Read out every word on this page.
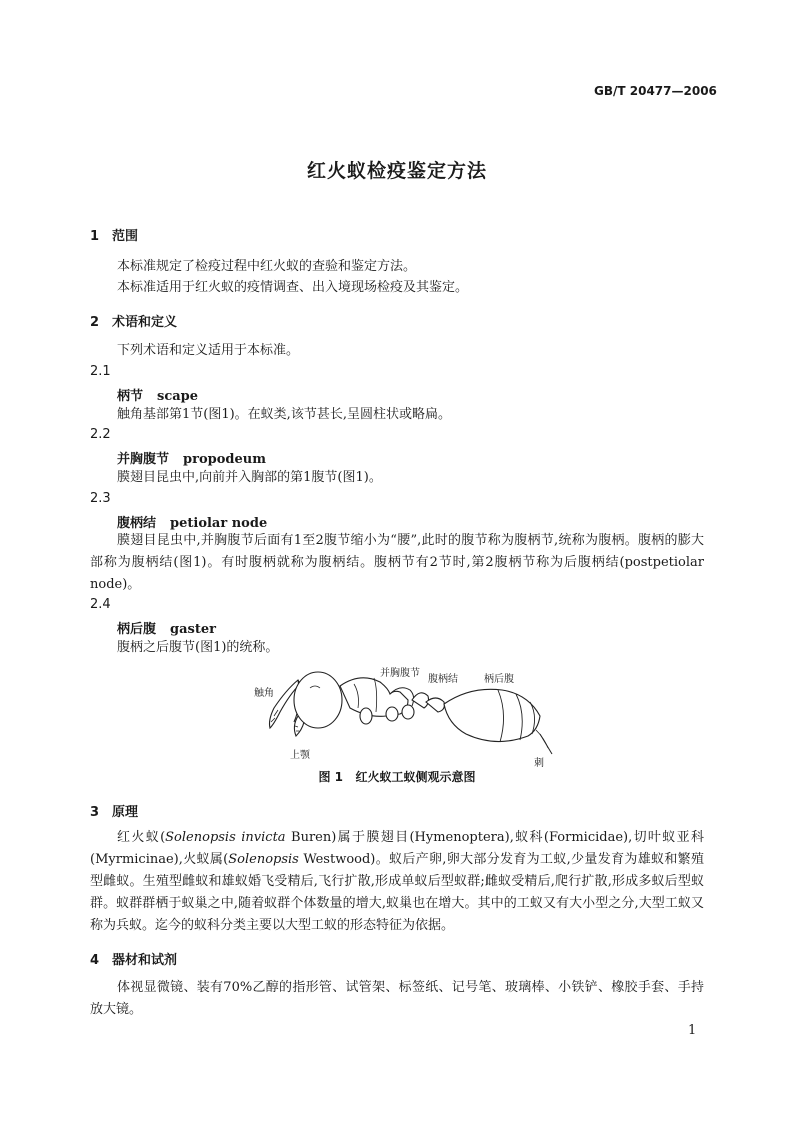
GB/T 20477—2006
红火蚁检疫鉴定方法
1 范围
本标准规定了检疫过程中红火蚁的查验和鉴定方法。
本标准适用于红火蚁的疫情调查、出入境现场检疫及其鉴定。
2 术语和定义
下列术语和定义适用于本标准。
2.1
柄节 scape
触角基部第1节(图1)。在蚁类,该节甚长,呈圆柱状或略扁。
2.2
并胸腹节 propodeum
膜翅目昆虫中,向前并入胸部的第1腹节(图1)。
2.3
腹柄结 petiolar node
膜翅目昆虫中,并胸腹节后面有1至2腹节缩小为“腰”,此时的腹节称为腹柄节,统称为腹柄。腹柄的膨大部称为腹柄结(图1)。有时腹柄就称为腹柄结。腹柄节有2节时,第2腹柄节称为后腹柄结(postpetiolar node)。
2.4
柄后腹 gaster
腹柄之后腹节(图1)的统称。
触角
并胸腹节
腹柄结	柄后腹
上颚
刺
图 1   红火蚁工蚁侧观示意图
3 原理
红火蚁(Solenopsis invicta Buren)属于膜翅目(Hymenoptera),蚁科(Formicidae),切叶蚁亚科(Myrmicinae),火蚁属(Solenopsis Westwood)。蚁后产卵,卵大部分发育为工蚁,少量发育为雄蚁和繁殖型雌蚁。生殖型雌蚁和雄蚁婚飞受精后,飞行扩散,形成单蚁后型蚁群;雌蚁受精后,爬行扩散,形成多蚁后型蚁群。蚁群群栖于蚁巢之中,随着蚁群个体数量的增大,蚁巢也在增大。其中的工蚁又有大小型之分,大型工蚁又称为兵蚁。迄今的蚁科分类主要以大型工蚁的形态特征为依据。
4 器材和试剂
体视显微镜、装有70%乙醇的指形管、试管架、标签纸、记号笔、玻璃棒、小铁铲、橡胶手套、手持放大镜。
1
